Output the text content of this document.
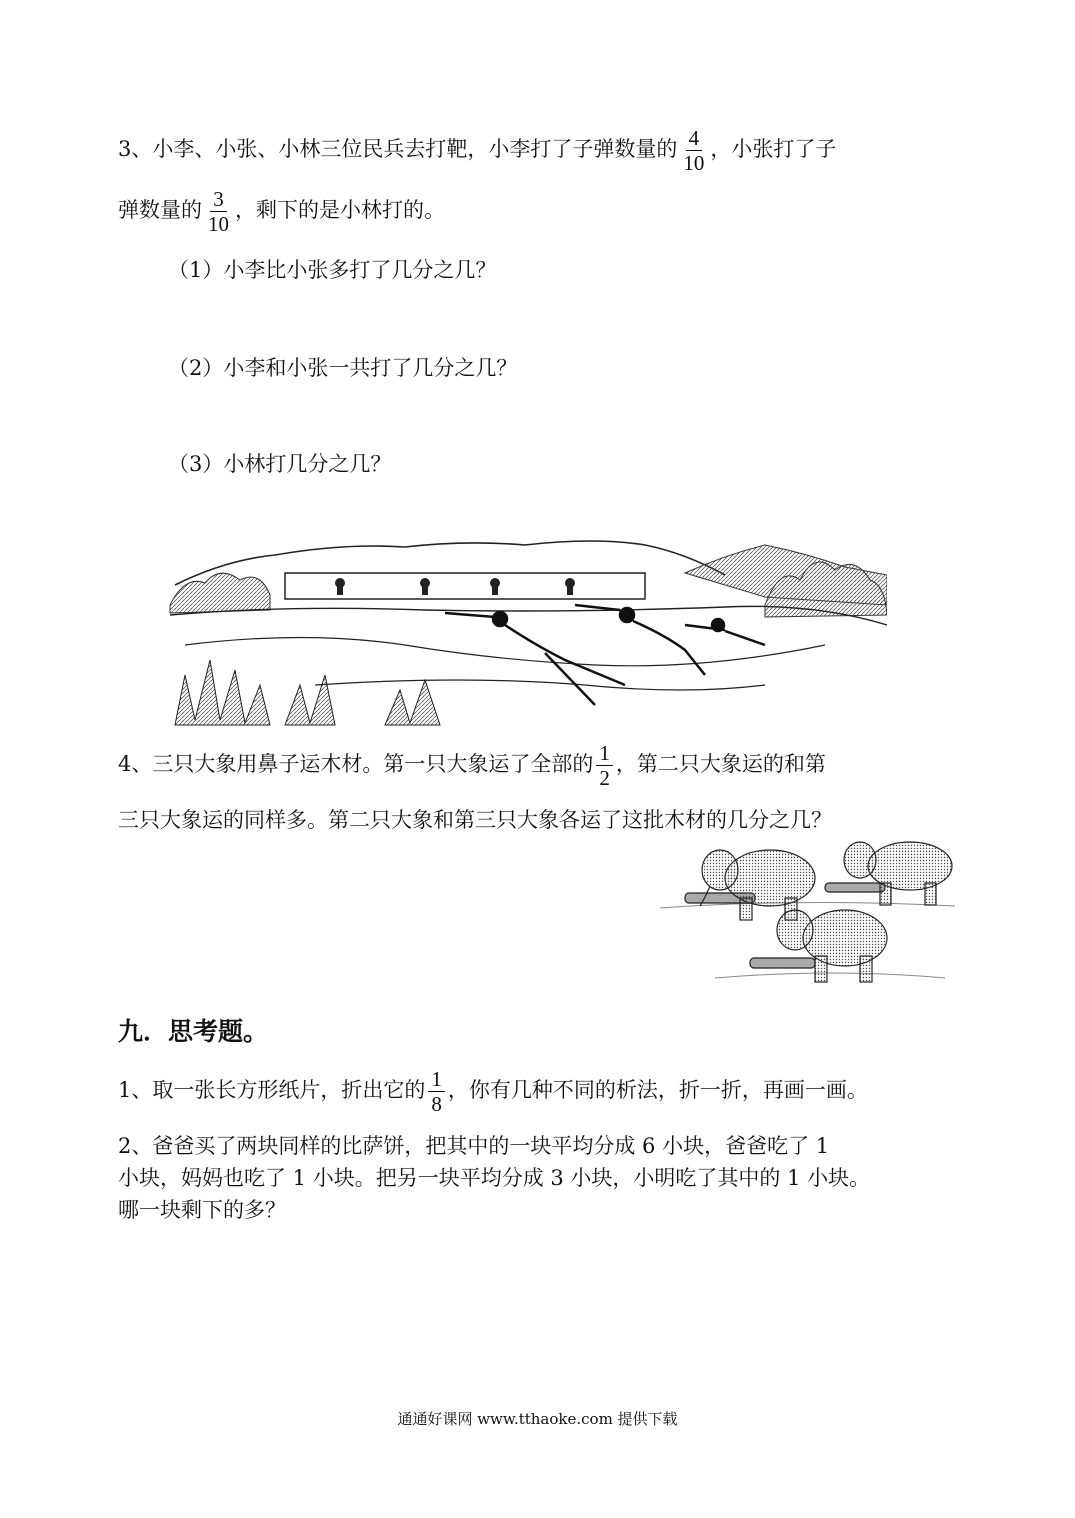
3、小李、小张、小林三位民兵去打靶，小李打了子弹数量的 $\frac{4}{10}$ ，小张打了子
弹数量的 $\frac{3}{10}$ ，剩下的是小林打的。
（1）小李比小张多打了几分之几？
（2）小李和小张一共打了几分之几？
（3）小林打几分之几？
4、三只大象用鼻子运木材。第一只大象运了全部的 $\frac{1}{2}$ ，第二只大象运的和第
三只大象运的同样多。第二只大象和第三只大象各运了这批木材的几分之几？
九．思考题。
1、取一张长方形纸片，折出它的 $\frac{1}{8}$ ，你有几种不同的析法，折一折，再画一画。
2、爸爸买了两块同样的比萨饼，把其中的一块平均分成 6 小块，爸爸吃了 1
小块，妈妈也吃了 1 小块。把另一块平均分成 3 小块，小明吃了其中的 1 小块。
哪一块剩下的多？
通通好课网 www.tthaoke.com 提供下载
